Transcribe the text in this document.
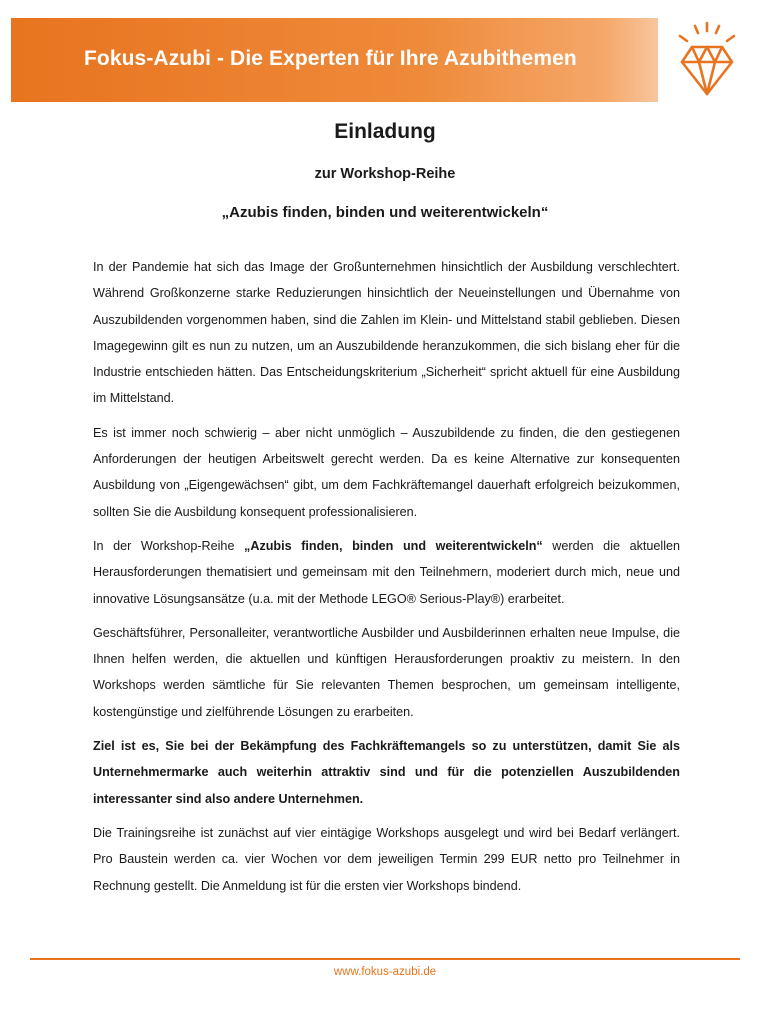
Fokus-Azubi - Die Experten für Ihre Azubithemen
Einladung
zur Workshop-Reihe
„Azubis finden, binden und weiterentwickeln“

In der Pandemie hat sich das Image der Großunternehmen hinsichtlich der Ausbildung verschlechtert. Während Großkonzerne starke Reduzierungen hinsichtlich der Neueinstellungen und Übernahme von Auszubildenden vorgenommen haben, sind die Zahlen im Klein- und Mittelstand stabil geblieben. Diesen Imagegewinn gilt es nun zu nutzen, um an Auszubildende heranzukommen, die sich bislang eher für die Industrie entschieden hätten. Das Entscheidungskriterium „Sicherheit“ spricht aktuell für eine Ausbildung im Mittelstand.

Es ist immer noch schwierig – aber nicht unmöglich – Auszubildende zu finden, die den gestiegenen Anforderungen der heutigen Arbeitswelt gerecht werden. Da es keine Alternative zur konsequenten Ausbildung von „Eigengewächsen“ gibt, um dem Fachkräftemangel dauerhaft erfolgreich beizukommen, sollten Sie die Ausbildung konsequent professionalisieren.

In der Workshop-Reihe „Azubis finden, binden und weiterentwickeln“ werden die aktuellen Herausforderungen thematisiert und gemeinsam mit den Teilnehmern, moderiert durch mich, neue und innovative Lösungsansätze (u.a. mit der Methode LEGO® Serious-Play®) erarbeitet.

Geschäftsführer, Personalleiter, verantwortliche Ausbilder und Ausbilderinnen erhalten neue Impulse, die Ihnen helfen werden, die aktuellen und künftigen Herausforderungen proaktiv zu meistern. In den Workshops werden sämtliche für Sie relevanten Themen besprochen, um gemeinsam intelligente, kostengünstige und zielführende Lösungen zu erarbeiten.

Ziel ist es, Sie bei der Bekämpfung des Fachkräftemangels so zu unterstützen, damit Sie als Unternehmermarke auch weiterhin attraktiv sind und für die potenziellen Auszubildenden interessanter sind also andere Unternehmen.

Die Trainingsreihe ist zunächst auf vier eintägige Workshops ausgelegt und wird bei Bedarf verlängert. Pro Baustein werden ca. vier Wochen vor dem jeweiligen Termin 299 EUR netto pro Teilnehmer in Rechnung gestellt. Die Anmeldung ist für die ersten vier Workshops bindend.

www.fokus-azubi.de
